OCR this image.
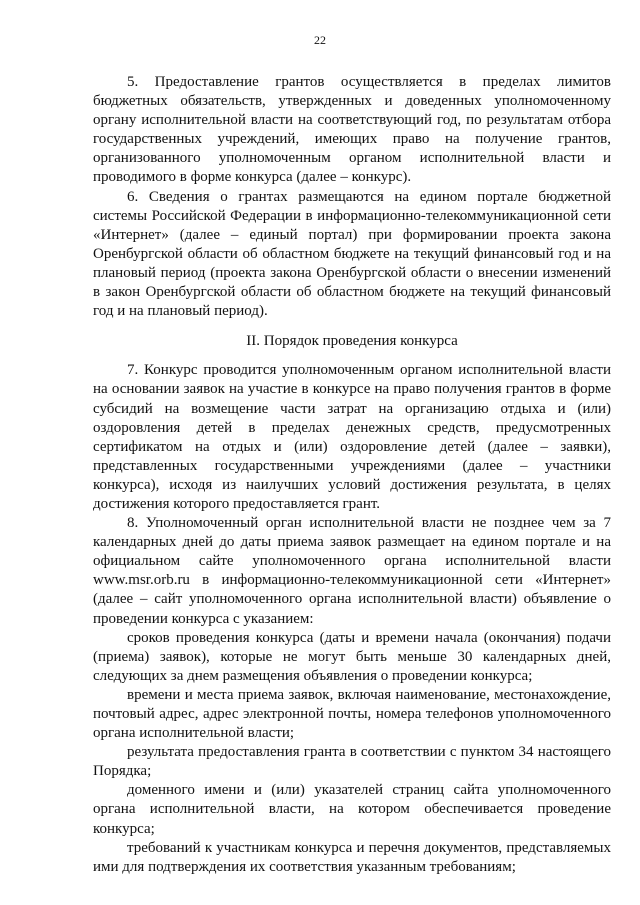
22

5. Предоставление грантов осуществляется в пределах лимитов бюджетных обязательств, утвержденных и доведенных уполномоченному органу исполнительной власти на соответствующий год, по результатам отбора государственных учреждений, имеющих право на получение грантов, организованного уполномоченным органом исполнительной власти и проводимого в форме конкурса (далее – конкурс).

6. Сведения о грантах размещаются на едином портале бюджетной системы Российской Федерации в информационно-телекоммуникационной сети «Интернет» (далее – единый портал) при формировании проекта закона Оренбургской области об областном бюджете на текущий финансовый год и на плановый период (проекта закона Оренбургской области о внесении изменений в закон Оренбургской области об областном бюджете на текущий финансовый год и на плановый период).

II. Порядок проведения конкурса

7. Конкурс проводится уполномоченным органом исполнительной власти на основании заявок на участие в конкурсе на право получения грантов в форме субсидий на возмещение части затрат на организацию отдыха и (или) оздоровления детей в пределах денежных средств, предусмотренных сертификатом на отдых и (или) оздоровление детей (далее – заявки), представленных государственными учреждениями (далее – участники конкурса), исходя из наилучших условий достижения результата, в целях достижения которого предоставляется грант.

8. Уполномоченный орган исполнительной власти не позднее чем за 7 календарных дней до даты приема заявок размещает на едином портале и на официальном сайте уполномоченного органа исполнительной власти www.msr.orb.ru в информационно-телекоммуникационной сети «Интернет» (далее – сайт уполномоченного органа исполнительной власти) объявление о проведении конкурса с указанием:

сроков проведения конкурса (даты и времени начала (окончания) подачи (приема) заявок), которые не могут быть меньше 30 календарных дней, следующих за днем размещения объявления о проведении конкурса;

времени и места приема заявок, включая наименование, местонахождение, почтовый адрес, адрес электронной почты, номера телефонов уполномоченного органа исполнительной власти;

результата предоставления гранта в соответствии с пунктом 34 настоящего Порядка;

доменного имени и (или) указателей страниц сайта уполномоченного органа исполнительной власти, на котором обеспечивается проведение конкурса;

требований к участникам конкурса и перечня документов, представляемых ими для подтверждения их соответствия указанным требованиям;
